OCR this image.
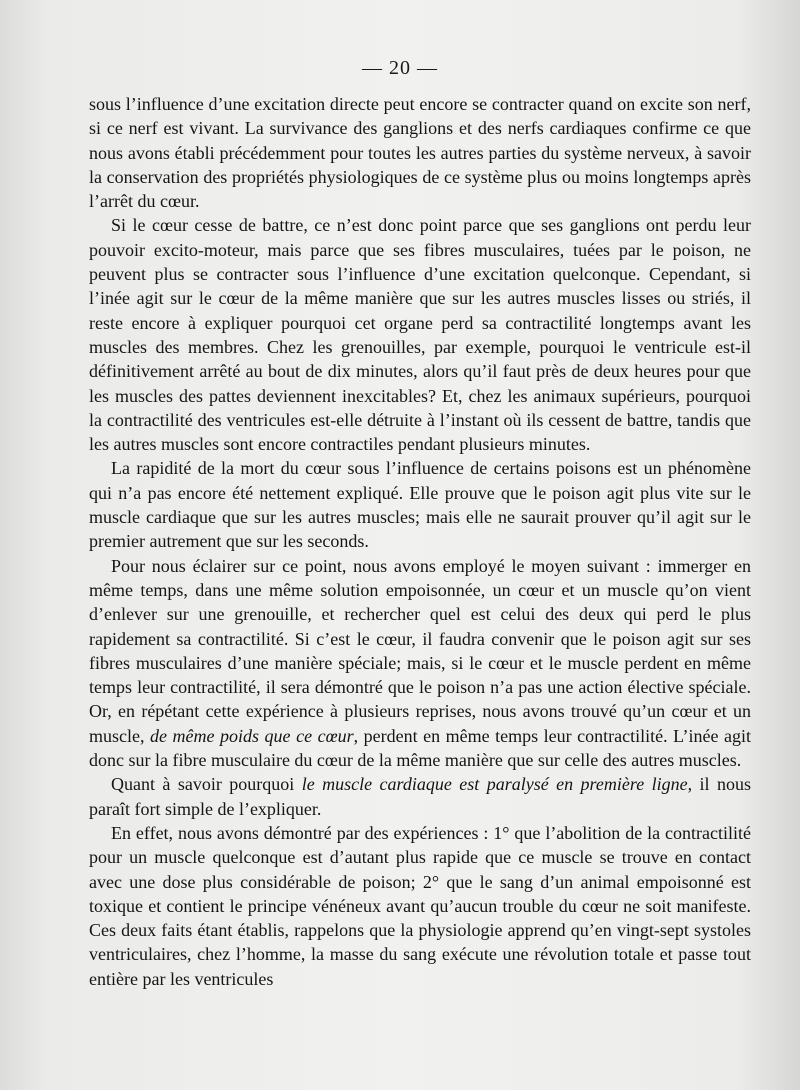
— 20 —

sous l’influence d’une excitation directe peut encore se contracter quand on excite son nerf, si ce nerf est vivant. La survivance des ganglions et des nerfs cardiaques confirme ce que nous avons établi précédemment pour toutes les autres parties du système nerveux, à savoir la conservation des propriétés physiologiques de ce système plus ou moins longtemps après l’arrêt du cœur.

Si le cœur cesse de battre, ce n’est donc point parce que ses ganglions ont perdu leur pouvoir excito-moteur, mais parce que ses fibres musculaires, tuées par le poison, ne peuvent plus se contracter sous l’influence d’une excitation quelconque. Cependant, si l’inée agit sur le cœur de la même manière que sur les autres muscles lisses ou striés, il reste encore à expliquer pourquoi cet organe perd sa contractilité longtemps avant les muscles des membres. Chez les grenouilles, par exemple, pourquoi le ventricule est-il définitivement arrêté au bout de dix minutes, alors qu’il faut près de deux heures pour que les muscles des pattes deviennent inexcitables? Et, chez les animaux supérieurs, pourquoi la contractilité des ventricules est-elle détruite à l’instant où ils cessent de battre, tandis que les autres muscles sont encore contractiles pendant plusieurs minutes.

La rapidité de la mort du cœur sous l’influence de certains poisons est un phénomène qui n’a pas encore été nettement expliqué. Elle prouve que le poison agit plus vite sur le muscle cardiaque que sur les autres muscles; mais elle ne saurait prouver qu’il agit sur le premier autrement que sur les seconds.

Pour nous éclairer sur ce point, nous avons employé le moyen suivant : immerger en même temps, dans une même solution empoisonnée, un cœur et un muscle qu’on vient d’enlever sur une grenouille, et rechercher quel est celui des deux qui perd le plus rapidement sa contractilité. Si c’est le cœur, il faudra convenir que le poison agit sur ses fibres musculaires d’une manière spéciale; mais, si le cœur et le muscle perdent en même temps leur contractilité, il sera démontré que le poison n’a pas une action élective spéciale. Or, en répétant cette expérience à plusieurs reprises, nous avons trouvé qu’un cœur et un muscle, de même poids que ce cœur, perdent en même temps leur contractilité. L’inée agit donc sur la fibre musculaire du cœur de la même manière que sur celle des autres muscles.

Quant à savoir pourquoi le muscle cardiaque est paralysé en première ligne, il nous paraît fort simple de l’expliquer.

En effet, nous avons démontré par des expériences : 1° que l’abolition de la contractilité pour un muscle quelconque est d’autant plus rapide que ce muscle se trouve en contact avec une dose plus considérable de poison; 2° que le sang d’un animal empoisonné est toxique et contient le principe vénéneux avant qu’aucun trouble du cœur ne soit manifeste. Ces deux faits étant établis, rappelons que la physiologie apprend qu’en vingt-sept systoles ventriculaires, chez l’homme, la masse du sang exécute une révolution totale et passe tout entière par les ventricules
